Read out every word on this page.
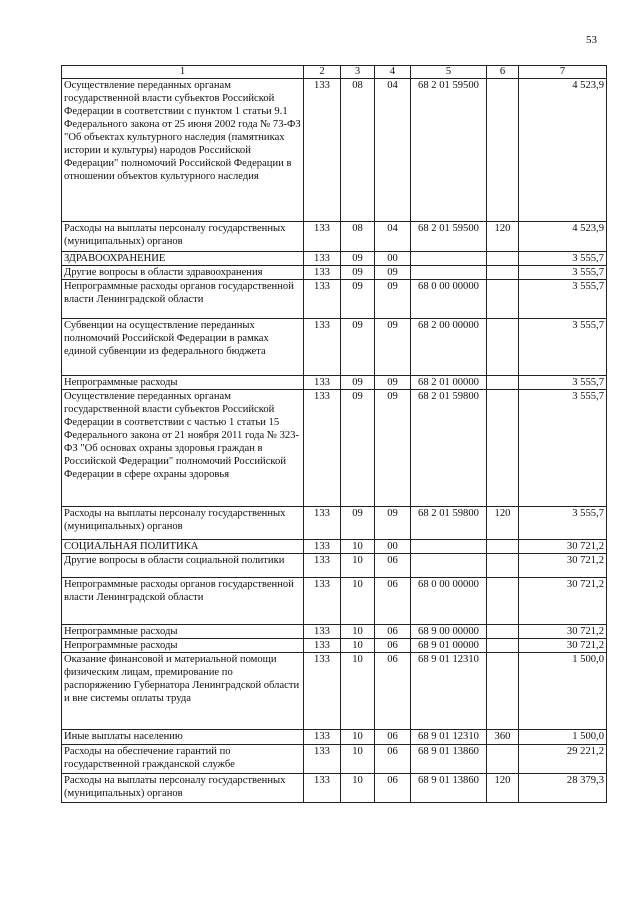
53
1	2	3	4	5	6	7
Осуществление переданных органам государственной власти субъектов Российской Федерации в соответствии с пунктом 1 статьи 9.1 Федерального закона от 25 июня 2002 года № 73-ФЗ "Об объектах культурного наследия (памятниках истории и культуры) народов Российской Федерации" полномочий Российской Федерации в отношении объектов культурного наследия	133	08	04	68 2 01 59500		4 523,9
Расходы на выплаты персоналу государственных (муниципальных) органов	133	08	04	68 2 01 59500	120	4 523,9
ЗДРАВООХРАНЕНИЕ	133	09	00			3 555,7
Другие вопросы в области здравоохранения	133	09	09			3 555,7
Непрограммные расходы органов государственной власти Ленинградской области	133	09	09	68 0 00 00000		3 555,7
Субвенции на осуществление переданных полномочий Российской Федерации в рамках единой субвенции из федерального бюджета	133	09	09	68 2 00 00000		3 555,7
Непрограммные расходы	133	09	09	68 2 01 00000		3 555,7
Осуществление переданных органам государственной власти субъектов Российской Федерации в соответствии с частью 1 статьи 15 Федерального закона от 21 ноября 2011 года № 323-ФЗ "Об основах охраны здоровья граждан в Российской Федерации" полномочий Российской Федерации в сфере охраны здоровья	133	09	09	68 2 01 59800		3 555,7
Расходы на выплаты персоналу государственных (муниципальных) органов	133	09	09	68 2 01 59800	120	3 555,7
СОЦИАЛЬНАЯ ПОЛИТИКА	133	10	00			30 721,2
Другие вопросы в области социальной политики	133	10	06			30 721,2
Непрограммные расходы органов государственной власти Ленинградской области	133	10	06	68 0 00 00000		30 721,2
Непрограммные расходы	133	10	06	68 9 00 00000		30 721,2
Непрограммные расходы	133	10	06	68 9 01 00000		30 721,2
Оказание финансовой и материальной помощи физическим лицам, премирование по распоряжению Губернатора Ленинградской области и вне системы оплаты труда	133	10	06	68 9 01 12310		1 500,0
Иные выплаты населению	133	10	06	68 9 01 12310	360	1 500,0
Расходы на обеспечение гарантий по государственной гражданской службе	133	10	06	68 9 01 13860		29 221,2
Расходы на выплаты персоналу государственных (муниципальных) органов	133	10	06	68 9 01 13860	120	28 379,3
